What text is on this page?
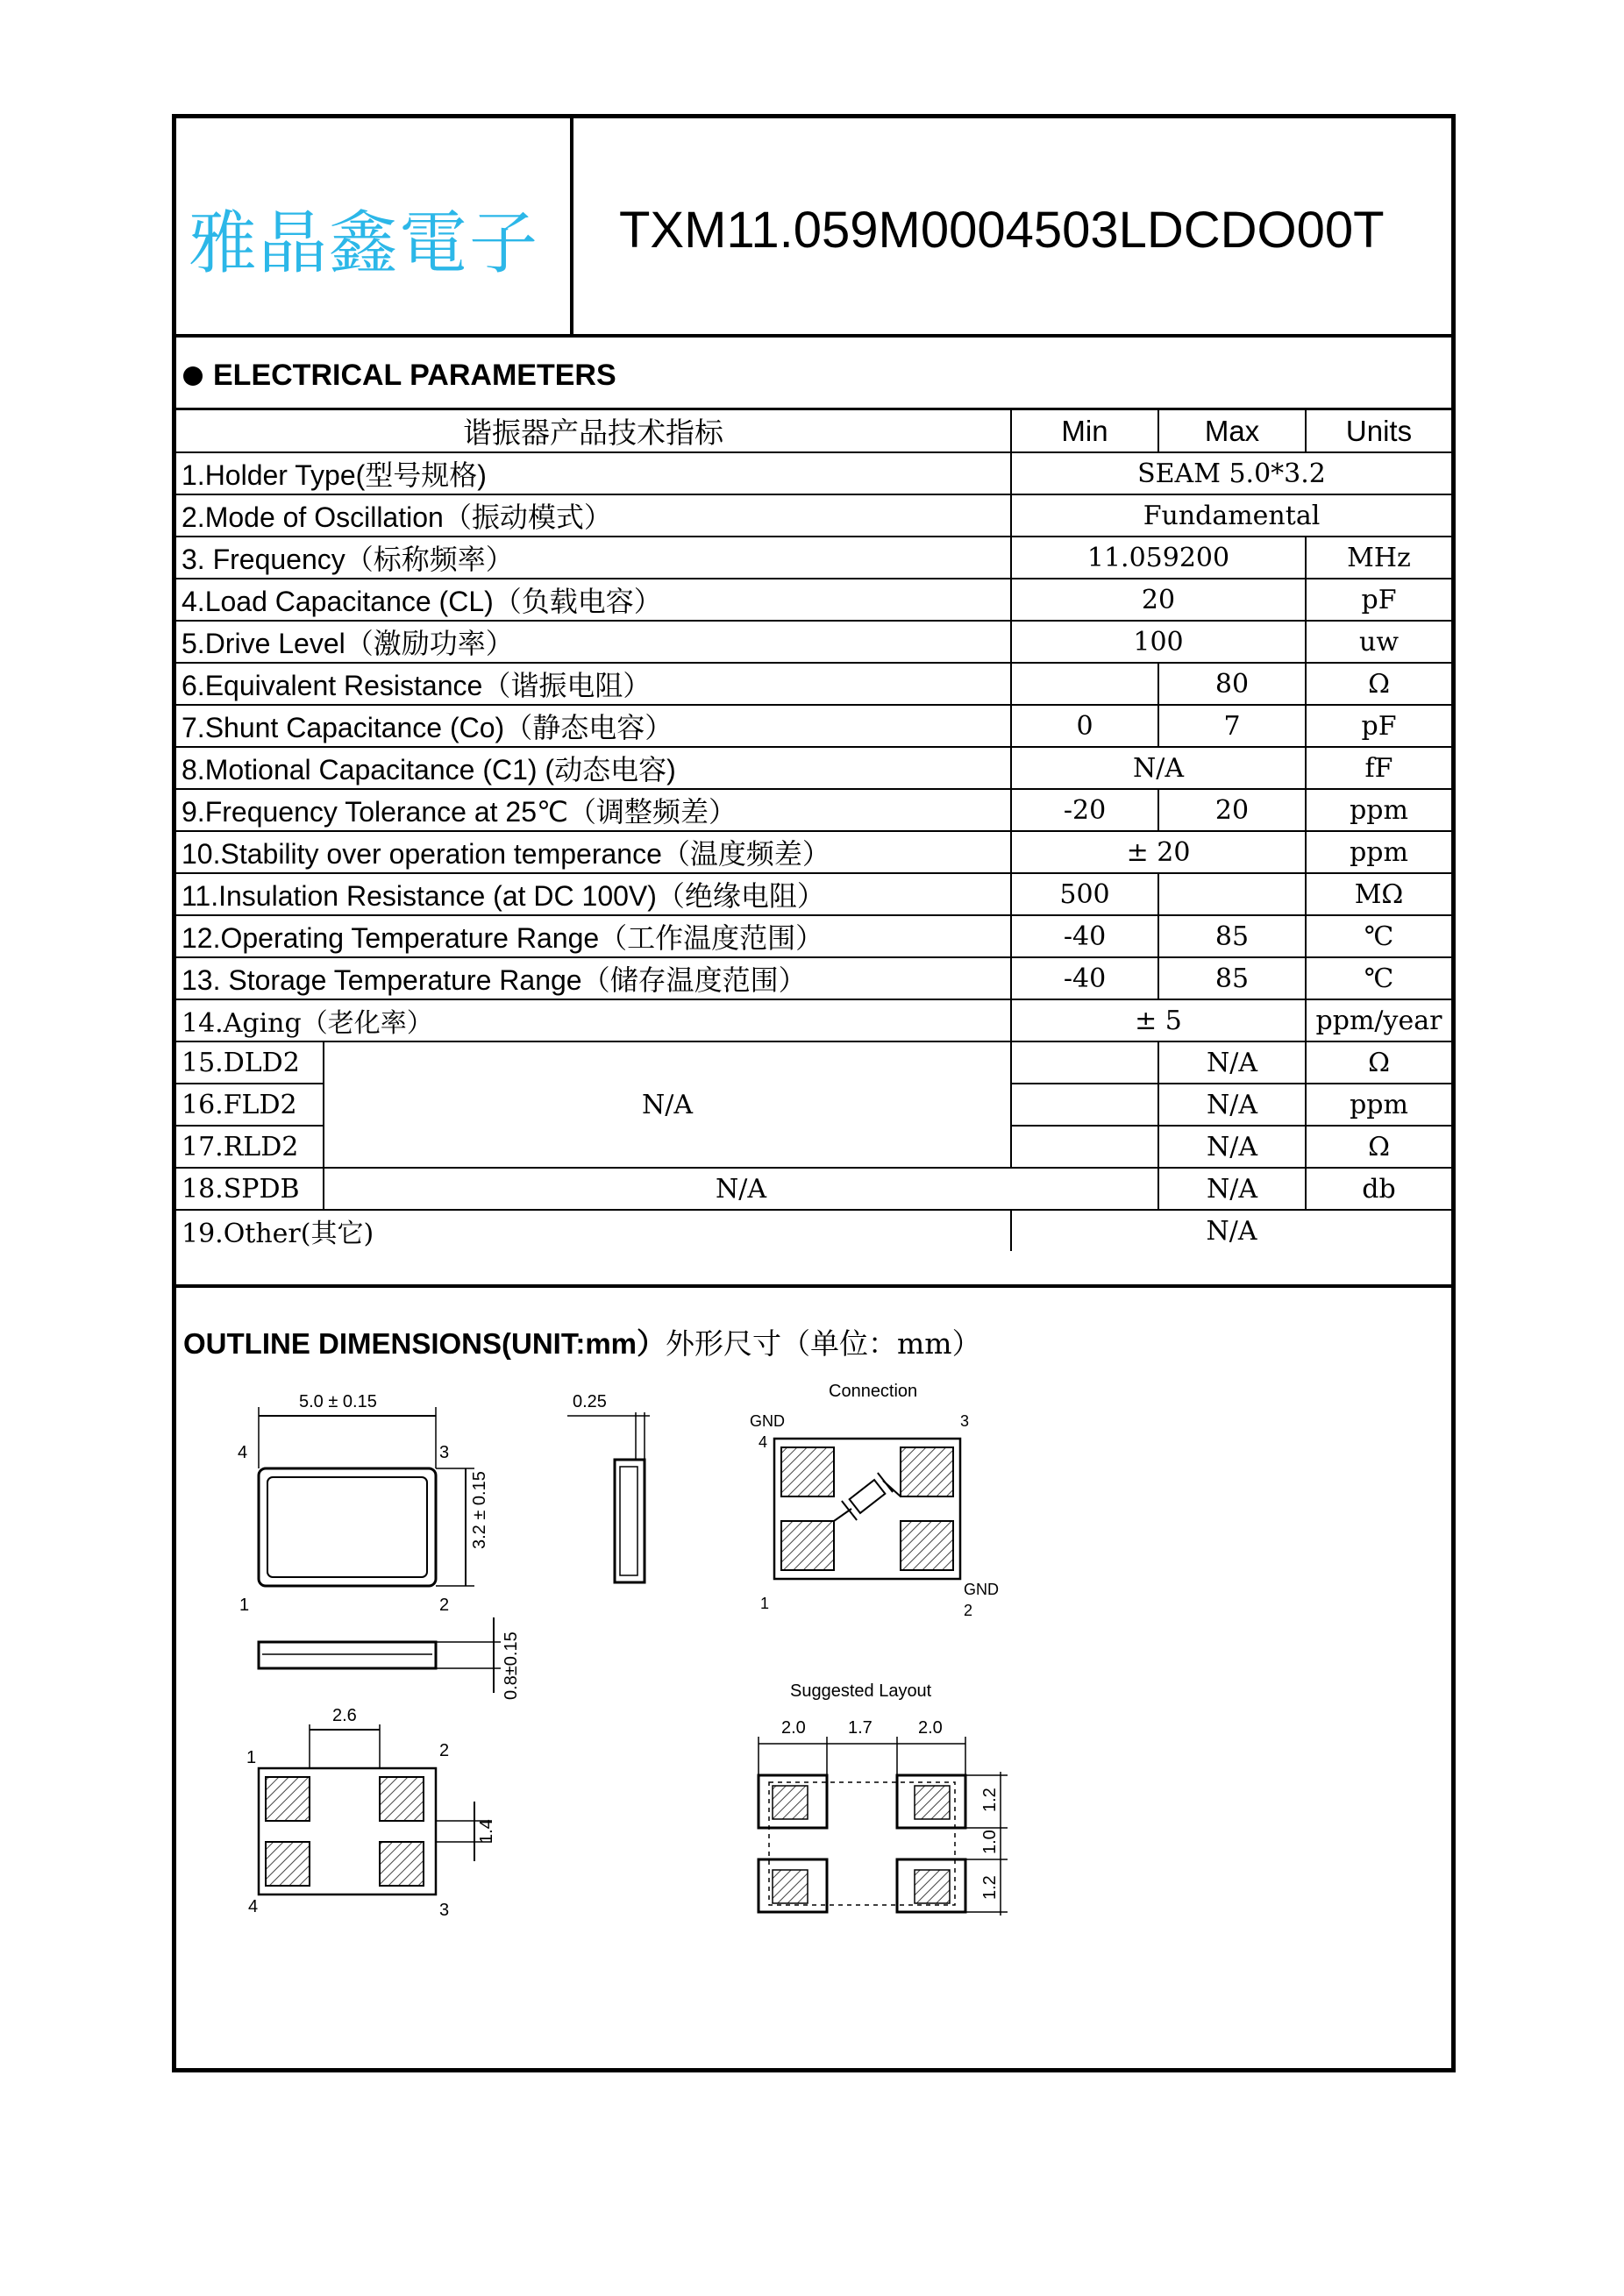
雅晶鑫電子 TXM11.059M0004503LDCDO00T
ELECTRICAL PARAMETERS
谐振器产品技术指标		Min	Max	Units
1.Holder Type(型号规格)		SEAM 5.0*3.2		
2.Mode of Oscillation（振动模式）		Fundamental		
3. Frequency（标称频率）		11.059200		MHz
4.Load Capacitance (CL)（负载电容）		20		pF
5.Drive Level（激励功率）		100		uw
6.Equivalent Resistance（谐振电阻）			80	Ω
7.Shunt Capacitance (Co)（静态电容）		0	7	pF
8.Motional Capacitance (C1) (动态电容)		N/A		fF
9.Frequency Tolerance at 25℃（调整频差）		-20	20	ppm
10.Stability over operation temperance（温度频差）		± 20		ppm
11.Insulation Resistance (at DC 100V)（绝缘电阻）		500		MΩ
12.Operating Temperature Range（工作温度范围）		-40	85	℃
13. Storage Temperature Range（储存温度范围）		-40	85	℃
14.Aging（老化率）		± 5		ppm/year
15.DLD2	N/A		N/A	Ω
16.FLD2			N/A	ppm
17.RLD2			N/A	Ω
18.SPDB	N/A		N/A	db
19.Other(其它)		N/A		
OUTLINE DIMENSIONS(UNIT:mm）外形尺寸（单位：mm）
5.0 ± 0.15
3.2 ± 0.15
4	3
1	2
0.25
0.8±0.15
2.6
1.4
1	2
4	3
Connection
GND
4
3
1
GND
2
Suggested Layout
2.0 1.7	2.0
1.2
1.0
1.2
